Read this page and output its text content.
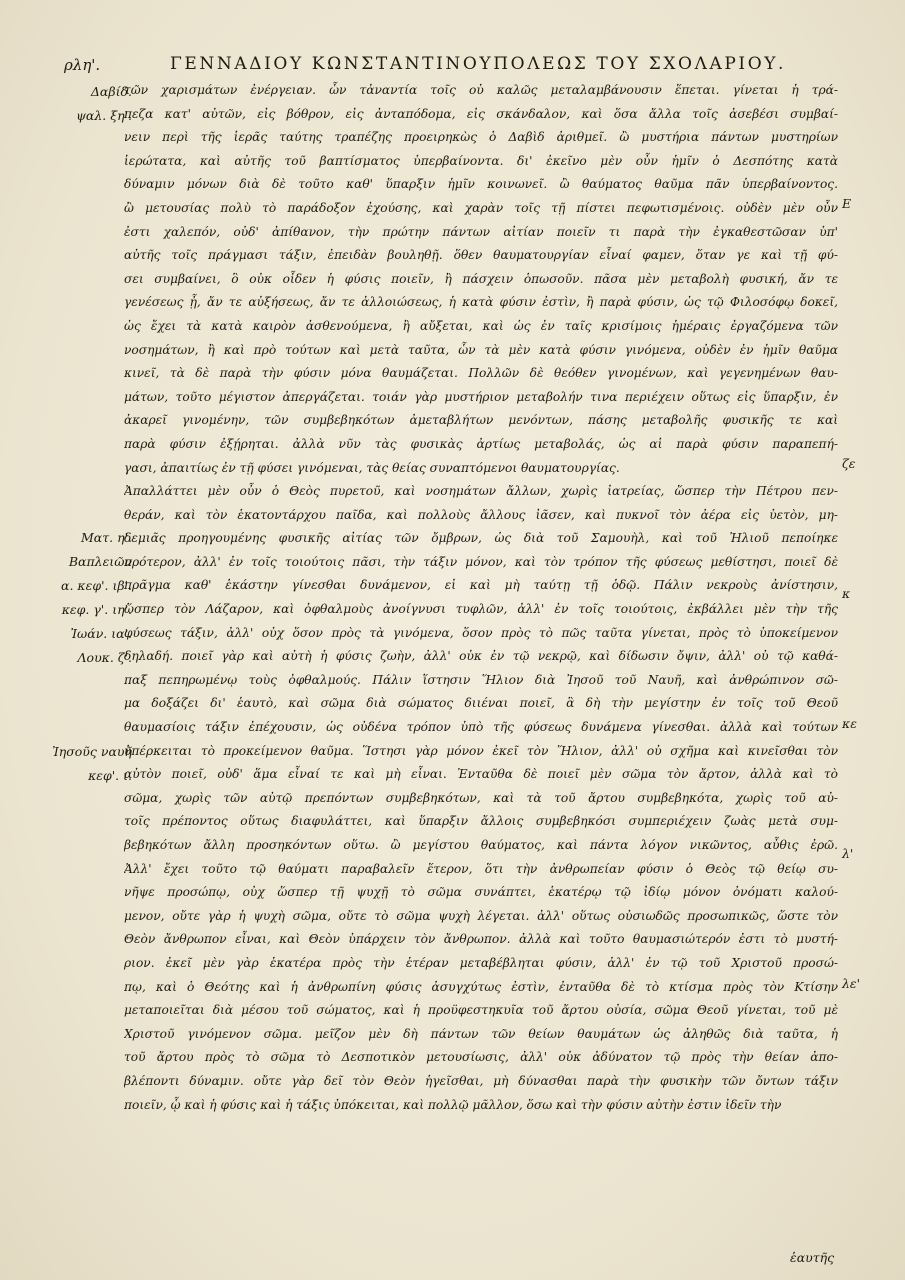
ρλη'.	ΓΕΝΝΑΔΙΟΥ ΚΩΝΣΤΑΝΤΙΝΟΥΠΟΛΕΩΣ ΤΟΥ ΣΧΟΛΑΡΙΟΥ.
Δαβίδ.
ψαλ. ξη'.
Ματ. η'.
Βαπλειῶν
α. κεφ'. ιβ'.
κεφ. γ'. ιη'.
Ἰωάν. ια'.
Λουκ. ζ'.
Ἰησοῦς ναυῆ
κεφ'. ι.
Ε
ζε
κ
κε
λ'
λε'
τῶν χαρισμάτων ἐνέργειαν. ὧν τἀναντία τοῖς οὐ καλῶς μεταλαμβάνουσιν ἕπεται. γίνεται ἡ τρά-
πεζα κατ' αὐτῶν, εἰς βόθρον, εἰς ἀνταπόδομα, εἰς σκάνδαλον, καὶ ὅσα ἄλλα τοῖς ἀσεβέσι συμβαί-
νειν περὶ τῆς ἱερᾶς ταύτης τραπέζης προειρηκὼς ὁ Δαβὶδ ἀριθμεῖ. ὢ μυστήρια πάντων μυστηρίων
ἱερώτατα, καὶ αὐτῆς τοῦ βαπτίσματος ὑπερβαίνοντα. δι' ἐκεῖνο μὲν οὖν ἡμῖν ὁ Δεσπότης κατὰ
δύναμιν μόνων διὰ δὲ τοῦτο καθ' ὕπαρξιν ἡμῖν κοινωνεῖ. ὢ θαύματος θαῦμα πᾶν ὑπερβαίνοντος.
ὢ μετουσίας πολὺ τὸ παράδοξον ἐχούσης, καὶ χαρὰν τοῖς τῇ πίστει πεφωτισμένοις. οὐδὲν μὲν οὖν
ἐστι χαλεπόν, οὐδ' ἀπίθανον, τὴν πρώτην πάντων αἰτίαν ποιεῖν τι παρὰ τὴν ἐγκαθεστῶσαν ὑπ'
αὐτῆς τοῖς πράγμασι τάξιν, ἐπειδὰν βουληθῇ. ὅθεν θαυματουργίαν εἶναί φαμεν, ὅταν γε καὶ τῇ φύ-
σει συμβαίνει, ὃ οὐκ οἶδεν ἡ φύσις ποιεῖν, ἢ πάσχειν ὁπωσοῦν. πᾶσα μὲν μεταβολὴ φυσική, ἄν τε
γενέσεως ᾖ, ἄν τε αὐξήσεως, ἄν τε ἀλλοιώσεως, ἡ κατὰ φύσιν ἐστὶν, ἢ παρὰ φύσιν, ὡς τῷ Φιλοσόφῳ δοκεῖ,
ὡς ἔχει τὰ κατὰ καιρὸν ἀσθενούμενα, ἢ αὔξεται, καὶ ὡς ἐν ταῖς κρισίμοις ἡμέραις ἐργαζόμενα τῶν
νοσημάτων, ἢ καὶ πρὸ τούτων καὶ μετὰ ταῦτα, ὧν τὰ μὲν κατὰ φύσιν γινόμενα, οὐδὲν ἐν ἡμῖν θαῦμα
κινεῖ, τὰ δὲ παρὰ τὴν φύσιν μόνα θαυμάζεται. Πολλῶν δὲ θεόθεν γινομένων, καὶ γεγενημένων θαυ-
μάτων, τοῦτο μέγιστον ἀπεργάζεται. τοιάν γὰρ μυστήριον μεταβολήν τινα περιέχειν οὕτως εἰς ὕπαρξιν, ἐν
ἀκαρεῖ γινομένην, τῶν συμβεβηκότων ἀμεταβλήτων μενόντων, πάσης μεταβολῆς φυσικῆς τε καὶ
παρὰ φύσιν ἐξῄρηται. ἀλλὰ νῦν τὰς φυσικὰς ἀρτίως μεταβολάς, ὡς αἱ παρὰ φύσιν παραπεπή-
γασι, ἀπαιτίως ἐν τῇ φύσει γινόμεναι, τὰς θείας συναπτόμενοι θαυματουργίας.
Ἀπαλλάττει μὲν οὖν ὁ Θεὸς πυρετοῦ, καὶ νοσημάτων ἄλλων, χωρὶς ἰατρείας, ὥσπερ τὴν Πέτρου πεν-
θεράν, καὶ τὸν ἑκατοντάρχου παῖδα, καὶ πολλοὺς ἄλλους ἰᾶσεν, καὶ πυκνοῖ τὸν ἀέρα εἰς ὑετὸν, μη-
δεμιᾶς προηγουμένης φυσικῆς αἰτίας τῶν ὄμβρων, ὡς διὰ τοῦ Σαμουὴλ, καὶ τοῦ Ἠλιοῦ πεποίηκε
πρότερον, ἀλλ' ἐν τοῖς τοιούτοις πᾶσι, τὴν τάξιν μόνον, καὶ τὸν τρόπον τῆς φύσεως μεθίστησι, ποιεῖ δὲ
πρᾶγμα καθ' ἑκάστην γίνεσθαι δυνάμενον, εἰ καὶ μὴ ταύτῃ τῇ ὁδῷ. Πάλιν νεκροὺς ἀνίστησιν,
ὥσπερ τὸν Λάζαρον, καὶ ὀφθαλμοὺς ἀνοίγνυσι τυφλῶν, ἀλλ' ἐν τοῖς τοιούτοις, ἐκβάλλει μὲν τὴν τῆς
φύσεως τάξιν, ἀλλ' οὐχ ὅσον πρὸς τὰ γινόμενα, ὅσον πρὸς τὸ πῶς ταῦτα γίνεται, πρὸς τὸ ὑποκείμενον
δηλαδή. ποιεῖ γὰρ καὶ αὐτὴ ἡ φύσις ζωὴν, ἀλλ' οὐκ ἐν τῷ νεκρῷ, καὶ δίδωσιν ὄψιν, ἀλλ' οὐ τῷ καθά-
παξ πεπηρωμένῳ τοὺς ὀφθαλμούς. Πάλιν ἵστησιν Ἥλιον διὰ Ἰησοῦ τοῦ Ναυῆ, καὶ ἀνθρώπινον σῶ-
μα δοξάζει δι' ἑαυτὸ, καὶ σῶμα διὰ σώματος διιέναι ποιεῖ, ἃ δὴ τὴν μεγίστην ἐν τοῖς τοῦ Θεοῦ
θαυμασίοις τάξιν ἐπέχουσιν, ὡς οὐδένα τρόπον ὑπὸ τῆς φύσεως δυνάμενα γίνεσθαι. ἀλλὰ καὶ τούτων
ὑπέρκειται τὸ προκείμενον θαῦμα. Ἵστησι γὰρ μόνον ἐκεῖ τὸν Ἥλιον, ἀλλ' οὐ σχῆμα καὶ κινεῖσθαι τὸν
αὐτὸν ποιεῖ, οὐδ' ἅμα εἶναί τε καὶ μὴ εἶναι. Ἐνταῦθα δὲ ποιεῖ μὲν σῶμα τὸν ἄρτον, ἀλλὰ καὶ τὸ
σῶμα, χωρὶς τῶν αὐτῷ πρεπόντων συμβεβηκότων, καὶ τὰ τοῦ ἄρτου συμβεβηκότα, χωρὶς τοῦ αὐ-
τοῖς πρέποντος οὕτως διαφυλάττει, καὶ ὕπαρξιν ἄλλοις συμβεβηκόσι συμπεριέχειν ζωὰς μετὰ συμ-
βεβηκότων ἄλλη προσηκόντων οὕτω. ὢ μεγίστου θαύματος, καὶ πάντα λόγον νικῶντος, αὖθις ἐρῶ.
Ἀλλ' ἔχει τοῦτο τῷ θαύματι παραβαλεῖν ἕτερον, ὅτι τὴν ἀνθρωπείαν φύσιν ὁ Θεὸς τῷ θείῳ συ-
νῆψε προσώπῳ, οὐχ ὥσπερ τῇ ψυχῇ τὸ σῶμα συνάπτει, ἑκατέρῳ τῷ ἰδίῳ μόνον ὀνόματι καλού-
μενον, οὔτε γὰρ ἡ ψυχὴ σῶμα, οὔτε τὸ σῶμα ψυχὴ λέγεται. ἀλλ' οὕτως οὐσιωδῶς προσωπικῶς, ὥστε τὸν
Θεὸν ἄνθρωπον εἶναι, καὶ Θεὸν ὑπάρχειν τὸν ἄνθρωπον. ἀλλὰ καὶ τοῦτο θαυμασιώτερόν ἐστι τὸ μυστή-
ριον. ἐκεῖ μὲν γὰρ ἑκατέρα πρὸς τὴν ἑτέραν μεταβέβληται φύσιν, ἀλλ' ἐν τῷ τοῦ Χριστοῦ προσώ-
πῳ, καὶ ὁ Θεότης καὶ ἡ ἀνθρωπίνη φύσις ἀσυγχύτως ἐστὶν, ἐνταῦθα δὲ τὸ κτίσμα πρὸς τὸν Κτίσην
μεταποιεῖται διὰ μέσου τοῦ σώματος, καὶ ἡ προϋφεστηκυῖα τοῦ ἄρτου οὐσία, σῶμα Θεοῦ γίνεται, τοῦ μὲ
Χριστοῦ γινόμενον σῶμα. μεῖζον μὲν δὴ πάντων τῶν θείων θαυμάτων ὡς ἀληθῶς διὰ ταῦτα, ἡ
τοῦ ἄρτου πρὸς τὸ σῶμα τὸ Δεσποτικὸν μετουσίωσις, ἀλλ' οὐκ ἀδύνατον τῷ πρὸς τὴν θείαν ἀπο-
βλέποντι δύναμιν. οὔτε γὰρ δεῖ τὸν Θεὸν ἡγεῖσθαι, μὴ δύνασθαι παρὰ τὴν φυσικὴν τῶν ὄντων τάξιν
ποιεῖν, ᾧ καὶ ἡ φύσις καὶ ἡ τάξις ὑπόκειται, καὶ πολλῷ μᾶλλον, ὅσω καὶ τὴν φύσιν αὐτὴν ἐστιν ἰδεῖν τὴν
ἑαυτῆς
